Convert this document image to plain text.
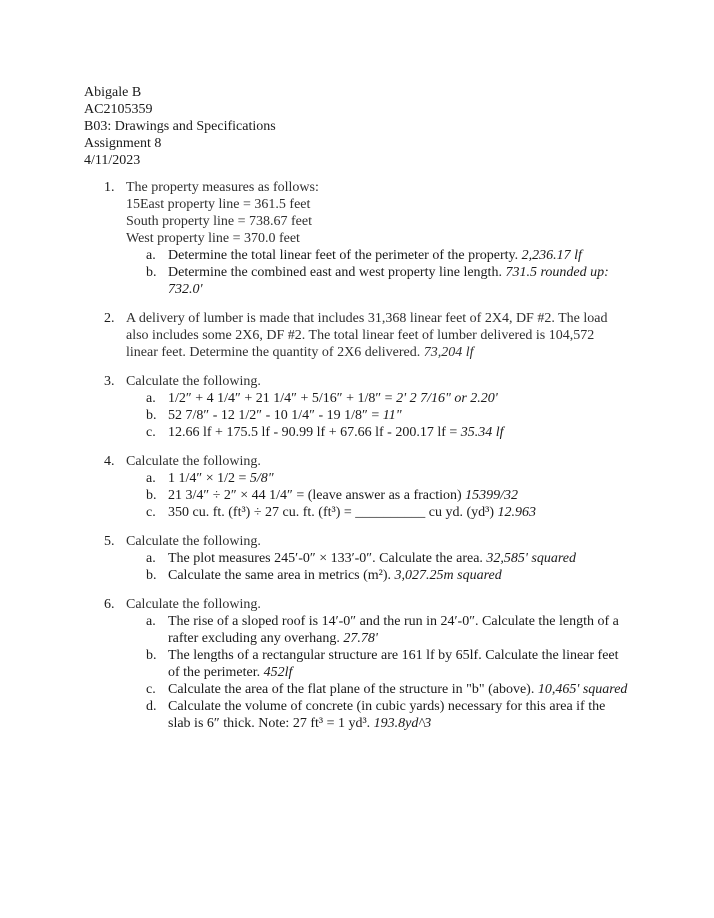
Abigale B
AC2105359
B03: Drawings and Specifications
Assignment 8
4/11/2023
1. The property measures as follows:
15East property line = 361.5 feet
South property line = 738.67 feet
West property line = 370.0 feet
a. Determine the total linear feet of the perimeter of the property. 2,236.17 lf
b. Determine the combined east and west property line length. 731.5 rounded up: 732.0'
2. A delivery of lumber is made that includes 31,368 linear feet of 2X4, DF #2. The load also includes some 2X6, DF #2. The total linear feet of lumber delivered is 104,572 linear feet. Determine the quantity of 2X6 delivered. 73,204 lf
3. Calculate the following.
a. 1/2″ + 4 1/4″ + 21 1/4″ + 5/16″ + 1/8″ = 2' 2 7/16" or 2.20'
b. 52 7/8″ - 12 1/2″ - 10 1/4″ - 19 1/8″ = 11"
c. 12.66 lf + 175.5 lf - 90.99 lf + 67.66 lf - 200.17 lf = 35.34 lf
4. Calculate the following.
a. 1 1/4″ × 1/2 = 5/8"
b. 21 3/4″ ÷ 2″ × 44 1/4″ = (leave answer as a fraction) 15399/32
c. 350 cu. ft. (ft³) ÷ 27 cu. ft. (ft³) = __________ cu yd. (yd³) 12.963
5. Calculate the following.
a. The plot measures 245′-0″ × 133′-0″. Calculate the area. 32,585' squared
b. Calculate the same area in metrics (m²). 3,027.25m squared
6. Calculate the following.
a. The rise of a sloped roof is 14′-0″ and the run in 24′-0″. Calculate the length of a rafter excluding any overhang. 27.78'
b. The lengths of a rectangular structure are 161 lf by 65lf. Calculate the linear feet of the perimeter. 452lf
c. Calculate the area of the flat plane of the structure in "b" (above). 10,465' squared
d. Calculate the volume of concrete (in cubic yards) necessary for this area if the slab is 6″ thick. Note: 27 ft³ = 1 yd³. 193.8yd^3
